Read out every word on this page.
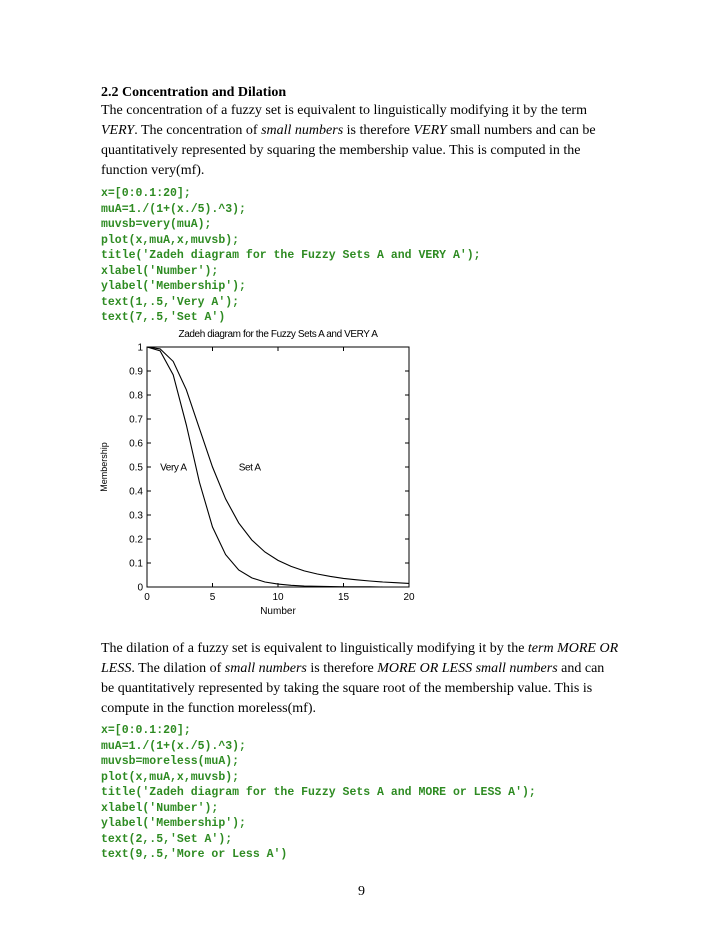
2.2 Concentration and Dilation

The concentration of a fuzzy set is equivalent to linguistically modifying it by the term
VERY. The concentration of small numbers is therefore VERY small numbers and can be
quantitatively represented by squaring the membership value. This is computed in the
function very(mf).

x=[0:0.1:20];
muA=1./(1+(x./5).^3);
muvsb=very(muA);
plot(x,muA,x,muvsb);
title('Zadeh diagram for the Fuzzy Sets A and VERY A');
xlabel('Number');
ylabel('Membership');
text(1,.5,'Very A');
text(7,.5,'Set A')
Zadeh diagram for the Fuzzy Sets A and VERY A
0	5	10	15	20
0
0.1
0.2
0.3
0.4
0.5
0.6
0.7
0.8
0.9
1
Number
Membership	Very A	Set A

The dilation of a fuzzy set is equivalent to linguistically modifying it by the term MORE OR
LESS. The dilation of small numbers is therefore MORE OR LESS small numbers and can
be quantitatively represented by taking the square root of the membership value. This is
compute in the function moreless(mf).

x=[0:0.1:20];
muA=1./(1+(x./5).^3);
muvsb=moreless(muA);
plot(x,muA,x,muvsb);
title('Zadeh diagram for the Fuzzy Sets A and MORE or LESS A');
xlabel('Number');
ylabel('Membership');
text(2,.5,'Set A');
text(9,.5,'More or Less A')

9
